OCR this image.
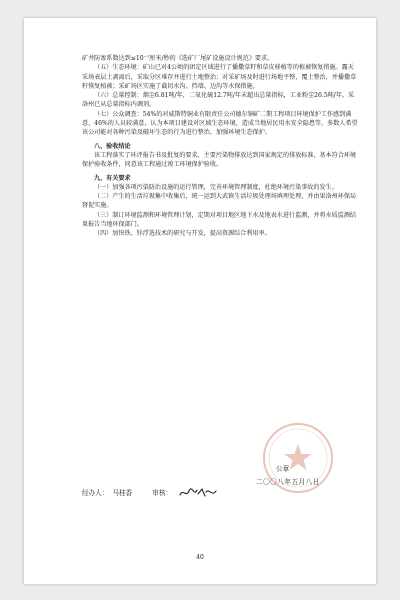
矿井防渗系数达到≤10⁻⁷厘米/秒的《选矿厂尾矿设施设计规范》要求。

（五）生态环境：矿山已对4公顷的团定区域进行了播撒草籽和草皮移植等的植被恢复措施。露天采场表层土剥离后，采取分区堆存并进行土地整治；对采矿场及时进行场地平整、覆土整治，并播撒草籽恢复植被；采矿场区实施了截切水沟、挡墙、边沟等水保措施。

（六）总量控制：烟尘6.81吨/年，二氧化硫12.7吨/年未超出总量指标，工业粉尘26.5吨/年，采洛州已从总量指标内调剂。

（七）公众调查：54%的对威斯特铜业有限责任公司德尔铜矿二期工程项目环境保护工作感到满意，46%的人员较满意，认为本项目建设对区域生态环境，造成当地居民用水安全隐患等，多数人希望该公司能对各种污染及破坏生态的行为进行整治，加强环境生态保护。

八、验收结论

该工程落实了环评报告书及批复的要求，主要污染物排放达到国家规定的排放标准，基本符合环境保护验收条件，同意该工程通过竣工环境保护验收。

九、有关要求

（一）加强各项污染防治设施的运行管理，完善环境管理制度，杜绝环境污染事故的发生。

（二）产生的生活垃圾集中收集后，统一运到大武镇生活垃圾处理场填埋处理，并由果洛州环保局督促实施。

（三）制订环境监测和环境管理计划，定期对项目地区地下水及地表水进行监测，并将水质监测结果报告当地环保部门。

（四）加快铁、锌浮选技术的研究与开发，提高资源综合利用率。

公章
二〇〇八年五月八日
经办人： 马桂香	审核：
40
